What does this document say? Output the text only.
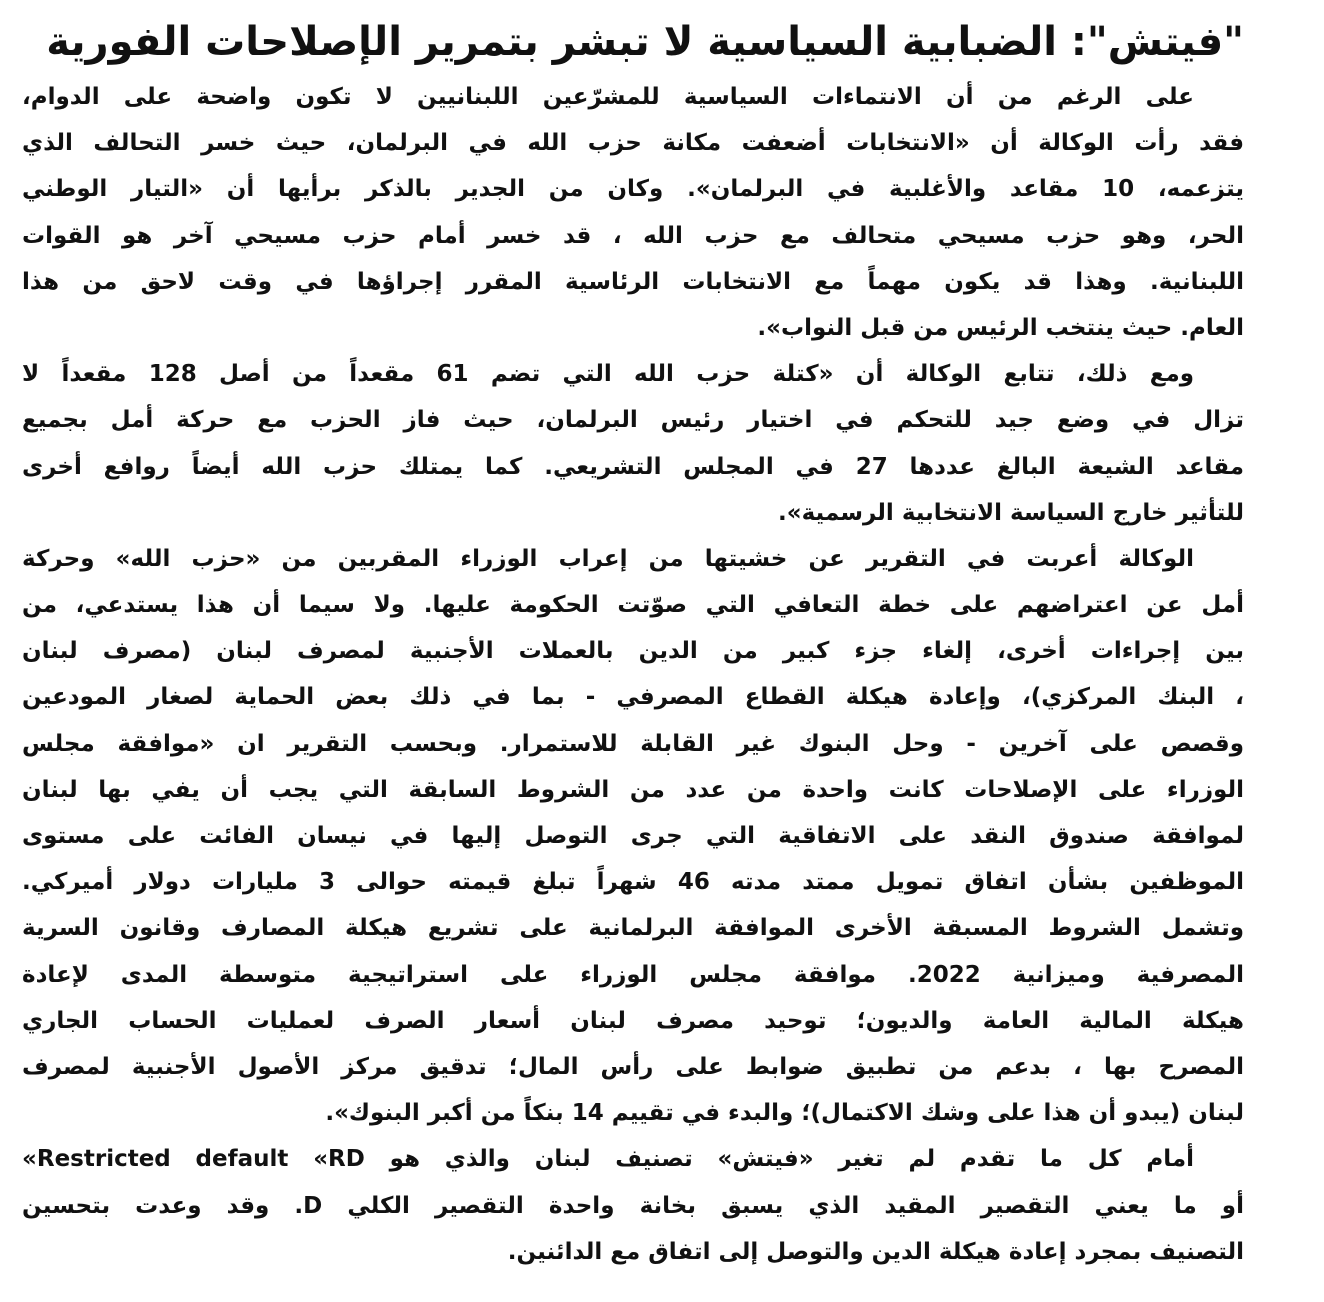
"فيتش": الضبابية السياسية لا تبشر بتمرير الإصلاحات الفورية

على الرغم من أن الانتماءات السياسية للمشرّعين اللبنانيين لا تكون واضحة على الدوام،
فقد رأت الوكالة أن «الانتخابات أضعفت مكانة حزب الله في البرلمان، حيث خسر التحالف الذي
يتزعمه، 10 مقاعد والأغلبية في البرلمان». وكان من الجدير بالذكر برأيها أن «التيار الوطني
الحر، وهو حزب مسيحي متحالف مع حزب الله ، قد خسر أمام حزب مسيحي آخر هو القوات
اللبنانية. وهذا قد يكون مهماً مع الانتخابات الرئاسية المقرر إجراؤها في وقت لاحق من هذا
العام. حيث ينتخب الرئيس من قبل النواب».

ومع ذلك، تتابع الوكالة أن «كتلة حزب الله التي تضم 61 مقعداً من أصل 128 مقعداً لا
تزال في وضع جيد للتحكم في اختيار رئيس البرلمان، حيث فاز الحزب مع حركة أمل بجميع
مقاعد الشيعة البالغ عددها 27 في المجلس التشريعي. كما يمتلك حزب الله أيضاً روافع أخرى
للتأثير خارج السياسة الانتخابية الرسمية».

الوكالة أعربت في التقرير عن خشيتها من إعراب الوزراء المقربين من «حزب الله» وحركة
أمل عن اعتراضهم على خطة التعافي التي صوّتت الحكومة عليها. ولا سيما أن هذا يستدعي، من
بين إجراءات أخرى، إلغاء جزء كبير من الدين بالعملات الأجنبية لمصرف لبنان (مصرف لبنان
، البنك المركزي)، وإعادة هيكلة القطاع المصرفي - بما في ذلك بعض الحماية لصغار المودعين
وقصص على آخرين - وحل البنوك غير القابلة للاستمرار. وبحسب التقرير ان «موافقة مجلس
الوزراء على الإصلاحات كانت واحدة من عدد من الشروط السابقة التي يجب أن يفي بها لبنان
لموافقة صندوق النقد على الاتفاقية التي جرى التوصل إليها في نيسان الفائت على مستوى
الموظفين بشأن اتفاق تمويل ممتد مدته 46 شهراً تبلغ قيمته حوالى 3 مليارات دولار أميركي.
وتشمل الشروط المسبقة الأخرى الموافقة البرلمانية على تشريع هيكلة المصارف وقانون السرية
المصرفية وميزانية 2022. موافقة مجلس الوزراء على استراتيجية متوسطة المدى لإعادة
هيكلة المالية العامة والديون؛ توحيد مصرف لبنان أسعار الصرف لعمليات الحساب الجاري
المصرح بها ، بدعم من تطبيق ضوابط على رأس المال؛ تدقيق مركز الأصول الأجنبية لمصرف
لبنان (يبدو أن هذا على وشك الاكتمال)؛ والبدء في تقييم 14 بنكاً من أكبر البنوك».

أمام كل ما تقدم لم تغير «فيتش» تصنيف لبنان والذي هو Restricted default «RD»
أو ما يعني التقصير المقيد الذي يسبق بخانة واحدة التقصير الكلي D. وقد وعدت بتحسين
التصنيف بمجرد إعادة هيكلة الدين والتوصل إلى اتفاق مع الدائنين.
